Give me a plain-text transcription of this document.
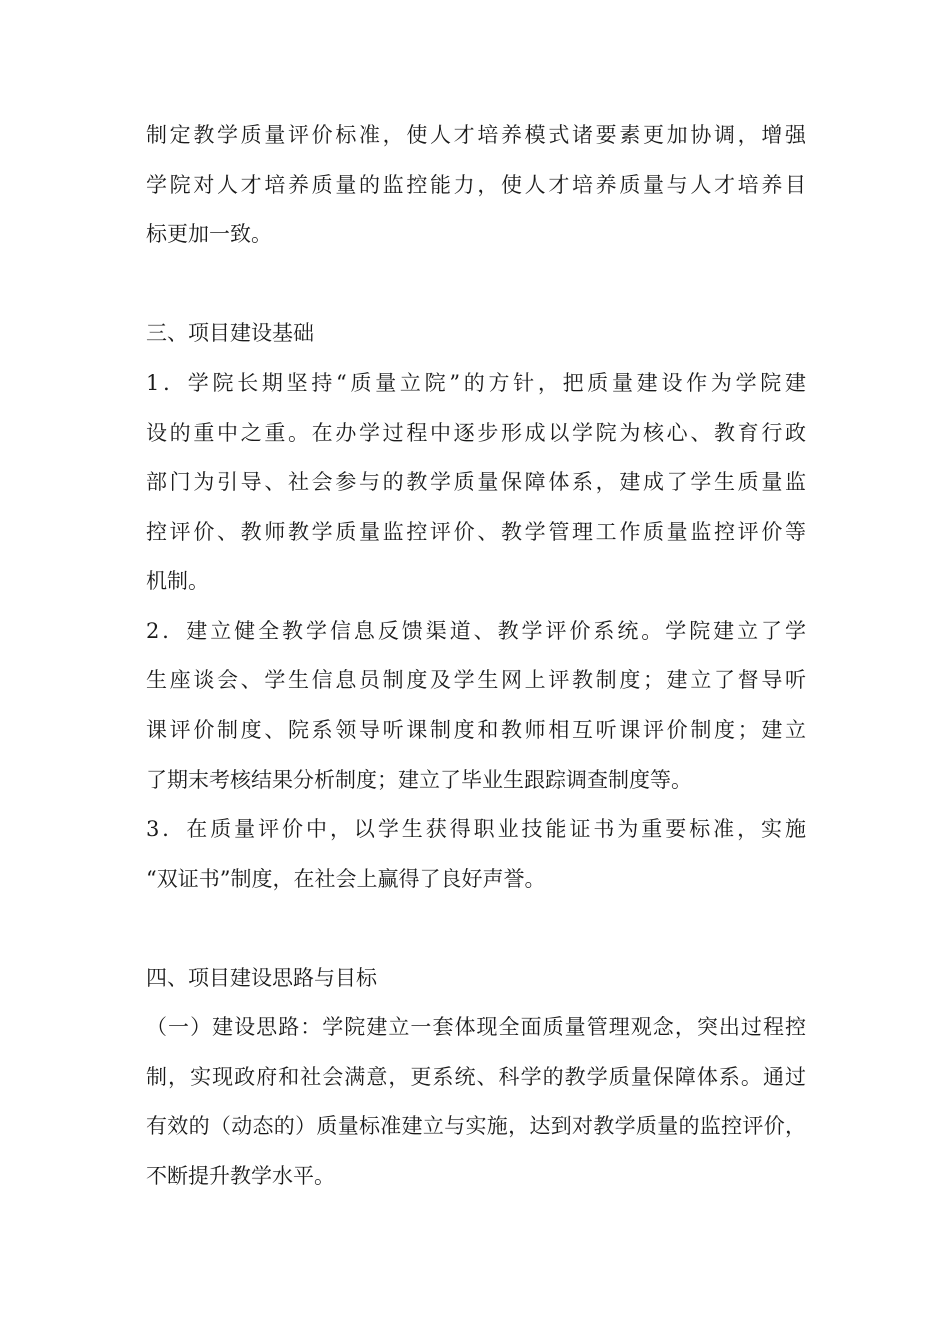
制定教学质量评价标准，使人才培养模式诸要素更加协调，增强

学院对人才培养质量的监控能力，使人才培养质量与人才培养目

标更加一致。

三、项目建设基础

1．学院长期坚持“质量立院”的方针，把质量建设作为学院建

设的重中之重。在办学过程中逐步形成以学院为核心、教育行政

部门为引导、社会参与的教学质量保障体系，建成了学生质量监

控评价、教师教学质量监控评价、教学管理工作质量监控评价等

机制。

2．建立健全教学信息反馈渠道、教学评价系统。学院建立了学

生座谈会、学生信息员制度及学生网上评教制度；建立了督导听

课评价制度、院系领导听课制度和教师相互听课评价制度；建立

了期末考核结果分析制度；建立了毕业生跟踪调查制度等。

3．在质量评价中，以学生获得职业技能证书为重要标准，实施

“双证书”制度，在社会上赢得了良好声誉。

四、项目建设思路与目标

（一）建设思路：学院建立一套体现全面质量管理观念，突出过程控

制，实现政府和社会满意，更系统、科学的教学质量保障体系。通过

有效的（动态的）质量标准建立与实施，达到对教学质量的监控评价，

不断提升教学水平。
